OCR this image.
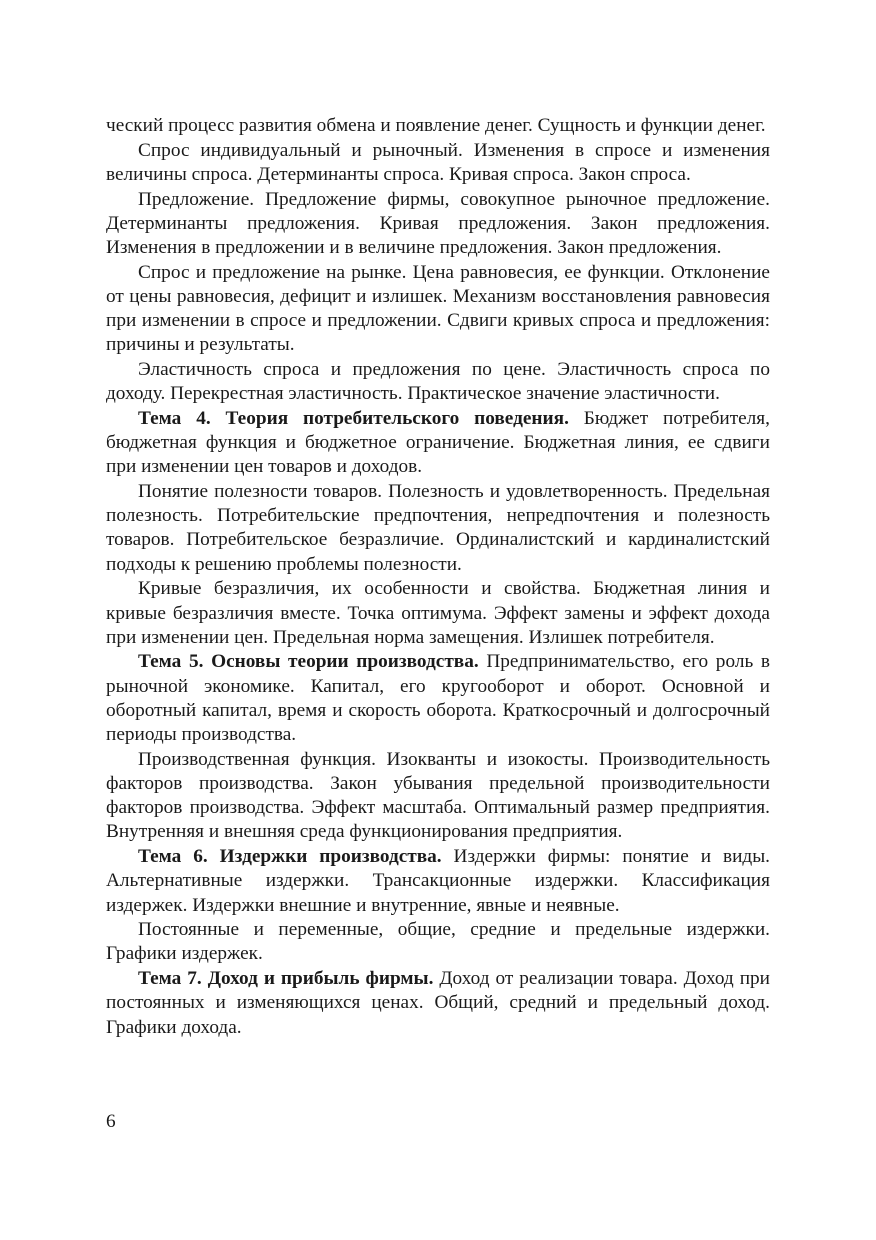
ческий процесс развития обмена и появление денег. Сущность и функции денег.

Спрос индивидуальный и рыночный. Изменения в спросе и изменения величины спроса. Детерминанты спроса. Кривая спроса. Закон спроса.

Предложение. Предложение фирмы, совокупное рыночное предложение. Детерминанты предложения. Кривая предложения. Закон предложения. Изменения в предложении и в величине предложения. Закон предложения.

Спрос и предложение на рынке. Цена равновесия, ее функции. Отклонение от цены равновесия, дефицит и излишек. Механизм восстановления равновесия при изменении в спросе и предложении. Сдвиги кривых спроса и предложения: причины и результаты.

Эластичность спроса и предложения по цене. Эластичность спроса по доходу. Перекрестная эластичность. Практическое значение эластичности.

Тема 4. Теория потребительского поведения. Бюджет потребителя, бюджетная функция и бюджетное ограничение. Бюджетная линия, ее сдвиги при изменении цен товаров и доходов.

Понятие полезности товаров. Полезность и удовлетворенность. Предельная полезность. Потребительские предпочтения, непредпочтения и полезность товаров. Потребительское безразличие. Ординалистский и кардиналистский подходы к решению проблемы полезности.

Кривые безразличия, их особенности и свойства. Бюджетная линия и кривые безразличия вместе. Точка оптимума. Эффект замены и эффект дохода при изменении цен. Предельная норма замещения. Излишек потребителя.

Тема 5. Основы теории производства. Предпринимательство, его роль в рыночной экономике. Капитал, его кругооборот и оборот. Основной и оборотный капитал, время и скорость оборота. Краткосрочный и долгосрочный периоды производства.

Производственная функция. Изокванты и изокосты. Производительность факторов производства. Закон убывания предельной производительности факторов производства. Эффект масштаба. Оптимальный размер предприятия. Внутренняя и внешняя среда функционирования предприятия.

Тема 6. Издержки производства. Издержки фирмы: понятие и виды. Альтернативные издержки. Трансакционные издержки. Классификация издержек. Издержки внешние и внутренние, явные и неявные.

Постоянные и переменные, общие, средние и предельные издержки. Графики издержек.

Тема 7. Доход и прибыль фирмы. Доход от реализации товара. Доход при постоянных и изменяющихся ценах. Общий, средний и предельный доход. Графики дохода.

6
